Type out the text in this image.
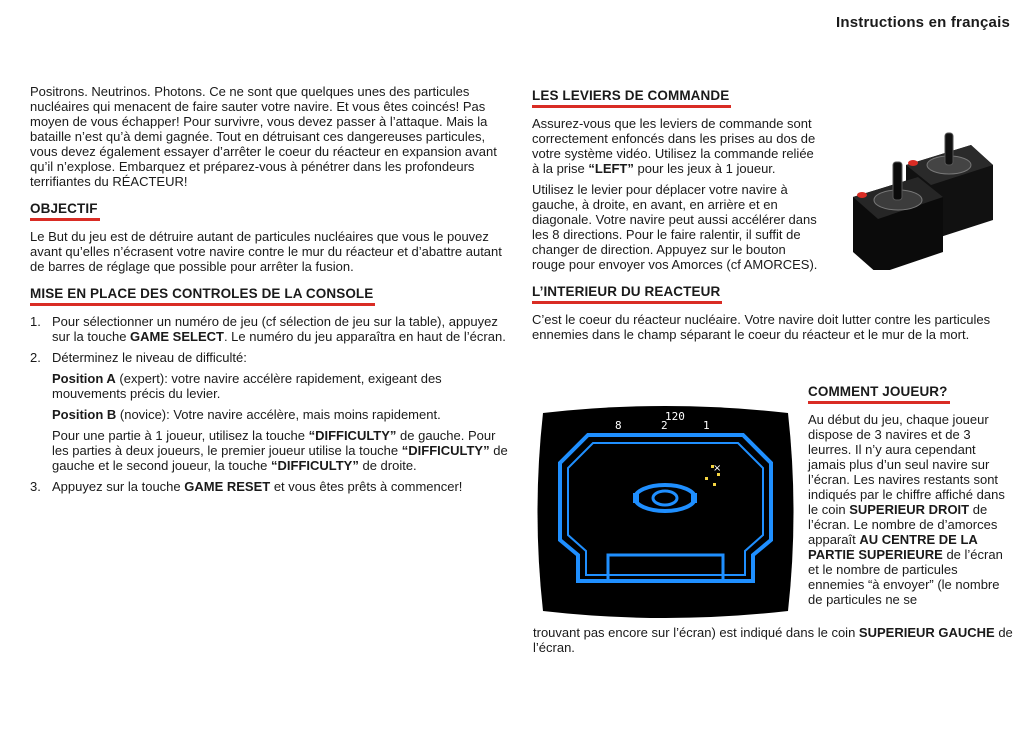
Instructions en français

Positrons. Neutrinos. Photons. Ce ne sont que quelques unes des particules nucléaires qui menacent de faire sauter votre navire. Et vous êtes coincés! Pas moyen de vous échapper! Pour survivre, vous devez passer à l’attaque. Mais la bataille n’est qu’à demi gagnée. Tout en détruisant ces dangereuses particules, vous devez également essayer d’arrêter le coeur du réacteur en expansion avant qu’il n’explose. Embarquez et préparez-vous à pénétrer dans les profondeurs terrifiantes du RÉACTEUR!

OBJECTIF

Le But du jeu est de détruire autant de particules nucléaires que vous le pouvez avant qu’elles n’écrasent votre navire contre le mur du réacteur et d’abattre autant de barres de réglage que possible pour arrêter la fusion.

MISE EN PLACE DES CONTROLES DE LA CONSOLE
1. Pour sélectionner un numéro de jeu (cf sélection de jeu sur la table), appuyez sur la touche GAME SELECT. Le numéro du jeu apparaîtra en haut de l’écran.
2. Déterminez le niveau de difficulté:

Position A (expert): votre navire accélère rapidement, exigeant des mouvements précis du levier.

Position B (novice): Votre navire accélère, mais moins rapidement.

Pour une partie à 1 joueur, utilisez la touche “DIFFICULTY” de gauche. Pour les parties à deux joueurs, le premier joueur utilise la touche “DIFFICULTY” de gauche et le second joueur, la touche “DIFFICULTY” de droite.

3. Appuyez sur la touche GAME RESET et vous êtes prêts à commencer!
LES LEVIERS DE COMMANDE

Assurez-vous que les leviers de commande sont correctement enfoncés dans les prises au dos de votre système vidéo. Utilisez la commande reliée à la prise “LEFT” pour les jeux à 1 joueur.

Utilisez le levier pour déplacer votre navire à gauche, à droite, en avant, en arrière et en diagonale. Votre navire peut aussi accélérer dans les 8 directions. Pour le faire ralentir, il suffit de changer de direction. Appuyez sur le bouton rouge pour envoyer vos Amorces (cf AMORCES).

L’INTERIEUR DU REACTEUR

C’est le coeur du réacteur nucléaire. Votre navire doit lutter contre les particules ennemies dans le champ séparant le coeur du réacteur et le mur de la mort.

8
120
2	1
×
COMMENT JOUEUR?

Au début du jeu, chaque joueur dispose de 3 navires et de 3 leurres. Il n’y aura cependant jamais plus d’un seul navire sur l’écran. Les navires restants sont indiqués par le chiffre affiché dans le coin SUPERIEUR DROIT de l’écran. Le nombre de d’amorces apparaît AU CENTRE DE LA PARTIE SUPERIEURE de l’écran et le nombre de particules ennemies “à envoyer” (le nombre de particules ne se

trouvant pas encore sur l’écran) est indiqué dans le coin SUPERIEUR GAUCHE de l’écran.
